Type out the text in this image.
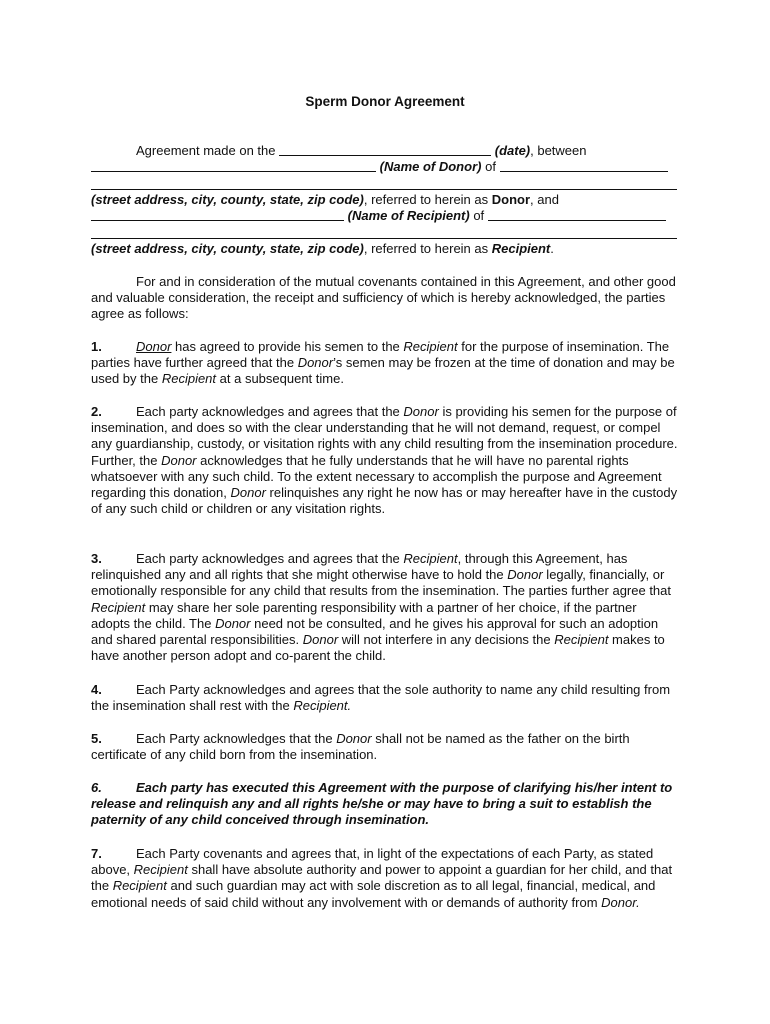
Sperm Donor Agreement
Agreement made on the	(date), between
(Name of Donor) of
(street address, city, county, state, zip code), referred to herein as Donor, and
(Name of Recipient) of
(street address, city, county, state, zip code), referred to herein as Recipient.

For and in consideration of the mutual covenants contained in this Agreement, and other good and valuable consideration, the receipt and sufficiency of which is hereby acknowledged, the parties agree as follows:

1.	Donor has agreed to provide his semen to the Recipient for the purpose of insemination. The parties have further agreed that the Donor’s semen may be frozen at the time of donation and may be used by the Recipient at a subsequent time.

2.	Each party acknowledges and agrees that the Donor is providing his semen for the purpose of insemination, and does so with the clear understanding that he will not demand, request, or compel any guardianship, custody, or visitation rights with any child resulting from the insemination procedure. Further, the Donor acknowledges that he fully understands that he will have no parental rights whatsoever with any such child. To the extent necessary to accomplish the purpose and Agreement regarding this donation, Donor relinquishes any right he now has or may hereafter have in the custody of any such child or children or any visitation rights.

3.	Each party acknowledges and agrees that the Recipient, through this Agreement, has relinquished any and all rights that she might otherwise have to hold the Donor legally, financially, or emotionally responsible for any child that results from the insemination. The parties further agree that Recipient may share her sole parenting responsibility with a partner of her choice, if the partner adopts the child. The Donor need not be consulted, and he gives his approval for such an adoption and shared parental responsibilities. Donor will not interfere in any decisions the Recipient makes to have another person adopt and co-parent the child.

4.	Each Party acknowledges and agrees that the sole authority to name any child resulting from the insemination shall rest with the Recipient.

5.	Each Party acknowledges that the Donor shall not be named as the father on the birth certificate of any child born from the insemination.

6.	Each party has executed this Agreement with the purpose of clarifying his/her intent to release and relinquish any and all rights he/she or may have to bring a suit to establish the paternity of any child conceived through insemination.

7.	Each Party covenants and agrees that, in light of the expectations of each Party, as stated above, Recipient shall have absolute authority and power to appoint a guardian for her child, and that the Recipient and such guardian may act with sole discretion as to all legal, financial, medical, and emotional needs of said child without any involvement with or demands of authority from Donor.
